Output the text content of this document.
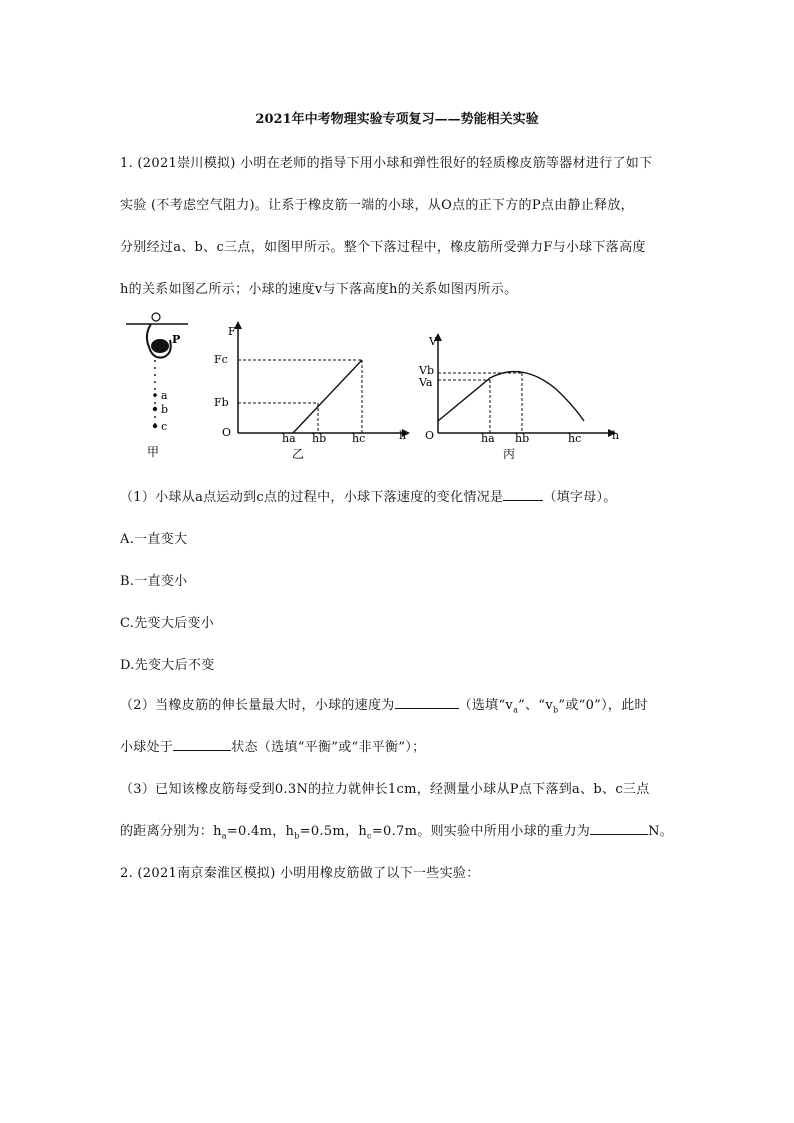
2021年中考物理实验专项复习——势能相关实验
1. (2021崇川模拟) 小明在老师的指导下用小球和弹性很好的轻质橡皮筋等器材进行了如下
实验 (不考虑空气阻力)。让系于橡皮筋一端的小球，从O点的正下方的P点由静止释放，
分别经过a、b、c三点，如图甲所示。整个下落过程中，橡皮筋所受弹力F与小球下落高度
h的关系如图乙所示；小球的速度v与下落高度h的关系如图丙所示。
P
a
b
c
甲
F
h
O
Fc
Fb
ha hb hc
乙
V
h
O
Vb
Va
ha hb	hc
丙
（1）小球从a点运动到c点的过程中，小球下落速度的变化情况是	（填字母）。
A.一直变大
B.一直变小
C.先变大后变小
D.先变大后不变
（2）当橡皮筋的伸长量最大时，小球的速度为	（选填“$v_a$”、“$v_b$”或“0”），此时
小球处于	状态（选填“平衡”或“非平衡”）；
（3）已知该橡皮筋每受到0.3N的拉力就伸长1cm，经测量小球从P点下落到a、b、c三点
的距离分别为：$h_a=0.4m$，$h_b=0.5m$，$h_c=0.7m$。则实验中所用小球的重力为	N。
2. (2021南京秦淮区模拟) 小明用橡皮筋做了以下一些实验：
